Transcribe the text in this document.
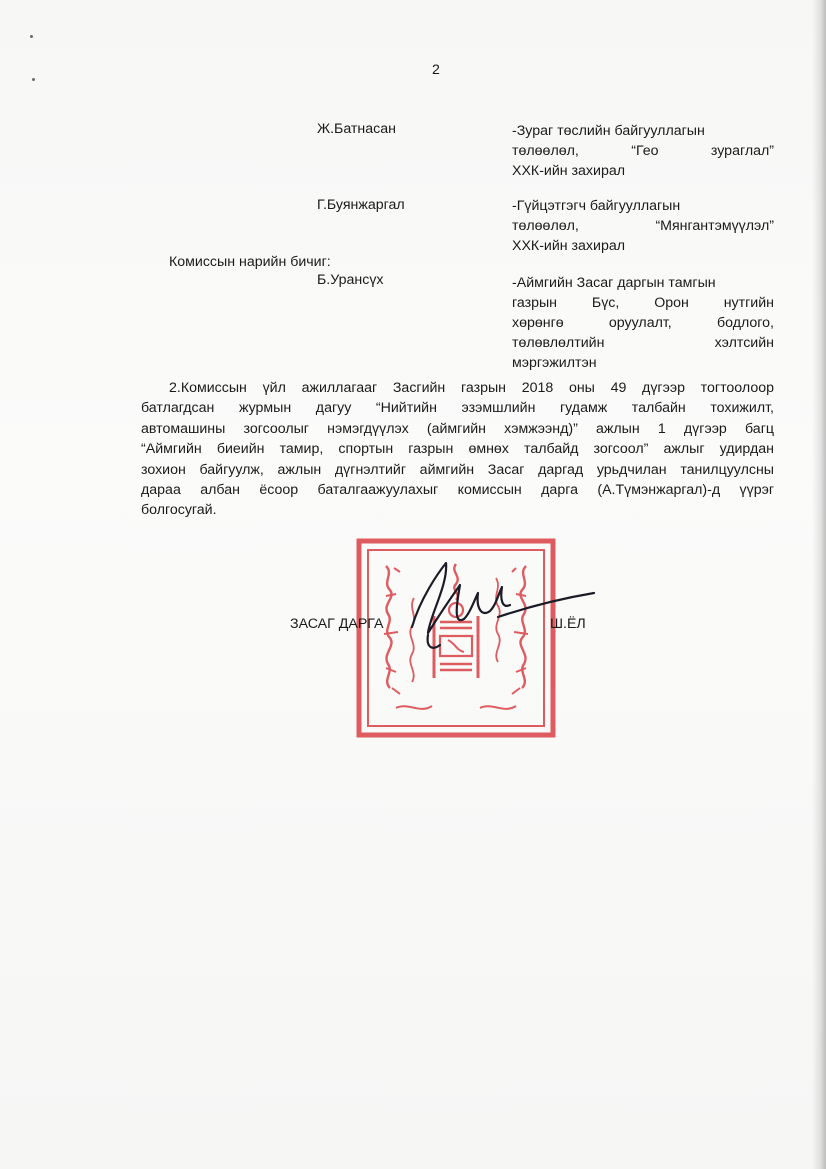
2
Ж.Батнасан	-Зураг төслийн байгууллагын
төлөөлөл, “Гео зураглал”
ХХК-ийн захирал
Г.Буянжаргал	-Гүйцэтгэгч байгууллагын
төлөөлөл, “Мянгантэмүүлэл”
ХХК-ийн захирал
Комиссын нарийн бичиг:
Б.Урансүх	-Аймгийн Засаг даргын тамгын
газрын Бүс, Орон нутгийн
хөрөнгө оруулалт, бодлого,
төлөвлөлтийн хэлтсийн
мэргэжилтэн
2.Комиссын үйл ажиллагааг Засгийн газрын 2018 оны 49 дүгээр тогтоолоор
батлагдсан журмын дагуу “Нийтийн эзэмшлийн гудамж талбайн тохижилт,
автомашины зогсоолыг нэмэгдүүлэх (аймгийн хэмжээнд)” ажлын 1 дүгээр багц
“Аймгийн биеийн тамир, спортын газрын өмнөх талбайд зогсоол” ажлыг удирдан
зохион байгуулж, ажлын дүгнэлтийг аймгийн Засаг даргад урьдчилан танилцуулсны
дараа албан ёсоор баталгаажуулахыг комиссын дарга (А.Түмэнжаргал)-д үүрэг
болгосугай.
ЗАСАГ ДАРГА	Ш.ЁЛ
